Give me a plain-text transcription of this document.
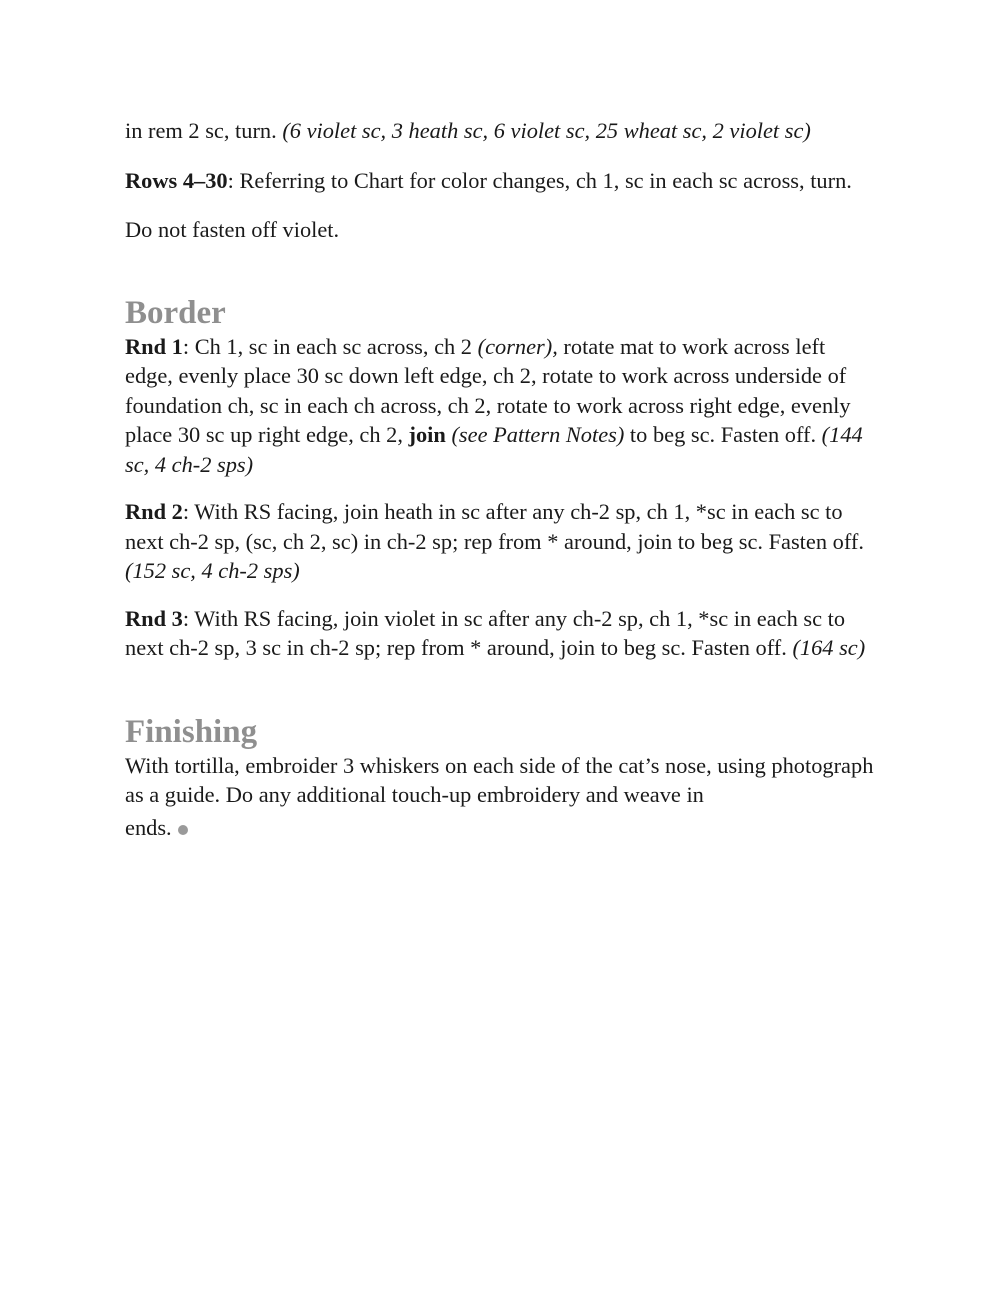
in rem 2 sc, turn. (6 violet sc, 3 heath sc, 6 violet sc, 25 wheat sc, 2 violet sc)

Rows 4–30: Referring to Chart for color changes, ch 1, sc in each sc across, turn.

Do not fasten off violet.

Border

Rnd 1: Ch 1, sc in each sc across, ch 2 (corner), rotate mat to work across left edge, evenly place 30 sc down left edge, ch 2, rotate to work across underside of foundation ch, sc in each ch across, ch 2, rotate to work across right edge, evenly place 30 sc up right edge, ch 2, join (see Pattern Notes) to beg sc. Fasten off. (144 sc, 4 ch-2 sps)

Rnd 2: With RS facing, join heath in sc after any ch-2 sp, ch 1, *sc in each sc to next ch-2 sp, (sc, ch 2, sc) in ch-2 sp; rep from * around, join to beg sc. Fasten off. (152 sc, 4 ch-2 sps)

Rnd 3: With RS facing, join violet in sc after any ch-2 sp, ch 1, *sc in each sc to next ch-2 sp, 3 sc in ch-2 sp; rep from * around, join to beg sc. Fasten off. (164 sc)

Finishing

With tortilla, embroider 3 whiskers on each side of the cat’s nose, using photograph as a guide. Do any additional touch-up embroidery and weave in
ends.
